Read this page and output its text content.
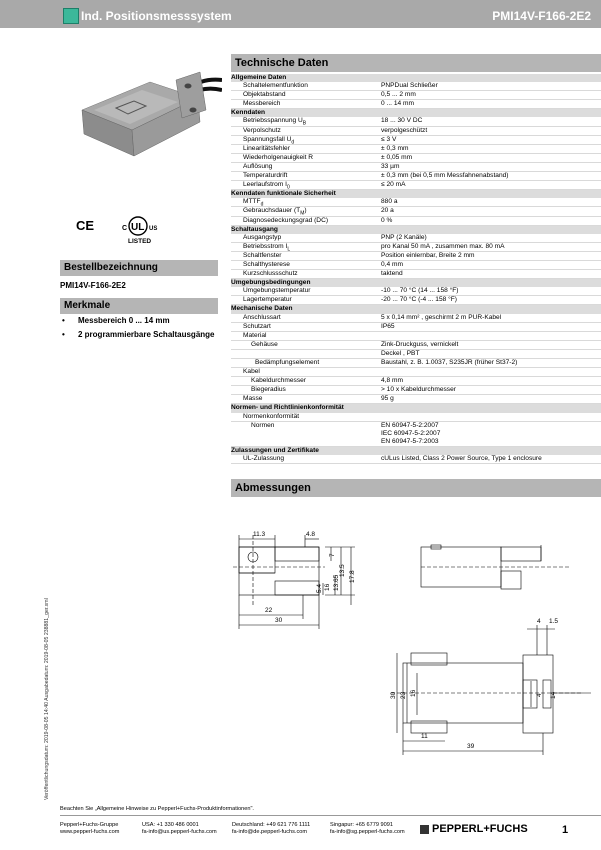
Ind. Positionsmesssystem	PMI14V-F166-2E2
CE	UL
C	US
LISTED
Bestellbezeichnung
PMI14V-F166-2E2
Merkmale
• Messbereich 0 ... 14 mm
• 2 programmierbare Schaltausgänge
Technische Daten
Allgemeine Daten
Schaltelementfunktion	PNPDual Schließer
Objektabstand	0,5 ... 2 mm
Messbereich	0 ... 14 mm
Kenndaten
Betriebsspannung $U_B$	18 ... 30 V DC
Verpolschutz	verpolgeschützt
Spannungsfall $U_d$	≤ 3 V
Linearitätsfehler	± 0,3 mm
Wiederholgenauigkeit R	± 0,05 mm
Auflösung	33 µm
Temperaturdrift	± 0,3 mm (bei 0,5 mm Messfahnenabstand)
Leerlaufstrom $I_0$	≤ 20 mA
Kenndaten funktionale Sicherheit
$MTTF_d$	880 a
Gebrauchsdauer $(T_M)$	20 a
Diagnosedeckungsgrad (DC)	0 %
Schaltausgang
Ausgangstyp	PNP (2 Kanäle)
Betriebsstrom $I_L$	pro Kanal 50 mA , zusammen max. 80 mA
Schaltfenster	Position einlernbar, Breite 2 mm
Schalthysterese	0,4 mm
Kurzschlussschutz	taktend
Umgebungsbedingungen
Umgebungstemperatur	-10 ... 70 °C (14 ... 158 °F)
Lagertemperatur	-20 ... 70 °C (-4 ... 158 °F)
Mechanische Daten
Anschlussart	5 x 0,14 mm² , geschirmt 2 m PUR-Kabel
Schutzart	IP65
Material
Gehäuse	Zink-Druckguss, vernickelt
Deckel , PBT
Bedämpfungselement	Baustahl, z. B. 1.0037, S235JR (früher St37-2)
Kabel
Kabeldurchmesser	4,8 mm
Biegeradius	> 10 x Kabeldurchmesser
Masse	95 g
Normen- und Richtlinienkonformität
Normenkonformität
Normen	EN 60947-5-2:2007
IEC 60947-5-2:2007
EN 60947-5-7:2003
Zulassungen und Zertifikate
UL-Zulassung	cULus Listed, Class 2 Power Source, Type 1 enclosure
Abmessungen
11.3	4.8
7
13.5 17.8
13.65
16
5.4
22
30	4 1.5
30 23 16	14
4
11
39
Veröffentlichungsdatum: 2019-08-05 14:40 Ausgabedatum: 2019-08-05 238881_ger.xml
Beachten Sie „Allgemeine Hinweise zu Pepperl+Fuchs-Produktinformationen".
Pepperl+Fuchs-Gruppe
www.pepperl-fuchs.com
USA: +1 330 486 0001
fa-info@us.pepperl-fuchs.com
Deutschland: +49 621 776 1111
fa-info@de.pepperl-fuchs.com
Singapur: +65 6779 9091
fa-info@sg.pepperl-fuchs.com	PEPPERL+FUCHS	1
